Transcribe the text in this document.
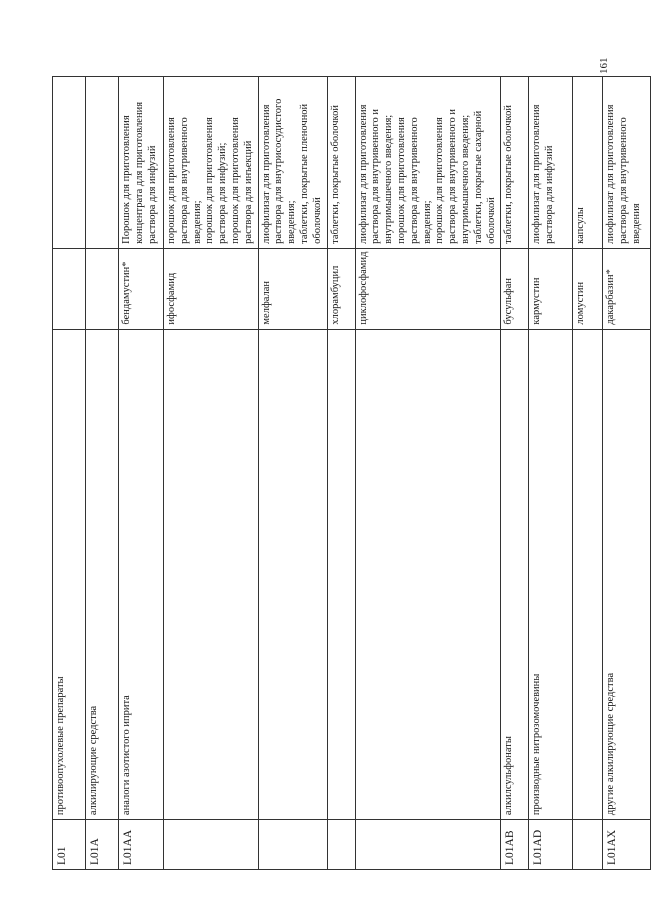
161
L01	противоопухолевые препараты		
L01A	алкилирующие средства		
L01AA	аналоги азотистого иприта	бендамустин*	Порошок для приготовления концентрата для приготовления раствора для инфузий
		ифосфамид	порошок для приготовления раствора для внутривенного введения;
порошок для приготовления раствора для инфузий;
порошок для приготовления раствора для инъекций
		мелфалан	лиофилизат для приготовления раствора для внутрисосудистого введения;
таблетки, покрытые пленочной оболочкой
		хлорамбуцил	таблетки, покрытые оболочкой
		циклофосфамид	лиофилизат для приготовления раствора для внутривенного и внутримышечного введения;
порошок для приготовления раствора для внутривенного введения;
порошок для приготовления раствора для внутривенного и внутримышечного введения;
таблетки, покрытые сахарной оболочкой
L01AB	алкилсульфонаты	бусульфан	таблетки, покрытые оболочкой
L01AD	производные нитрозомочевины	кармустин	лиофилизат для приготовления раствора для инфузий
		ломустин	капсулы
L01AX	другие алкилирующие средства	дакарбазин*	лиофилизат для приготовления раствора для внутривенного введения
